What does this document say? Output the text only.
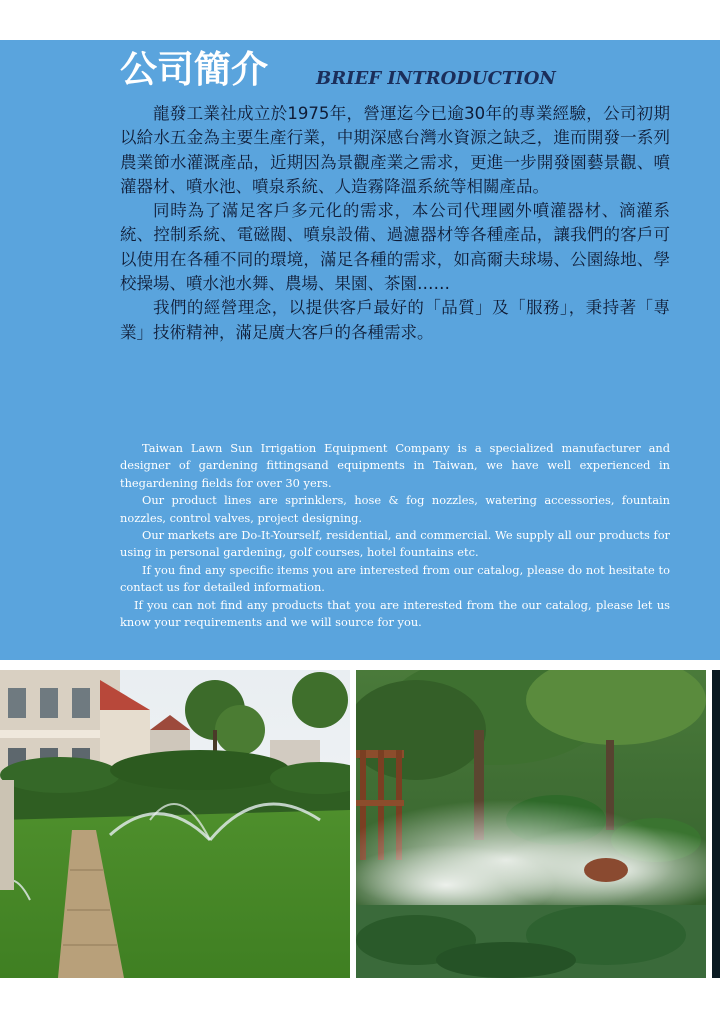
公司簡介	BRIEF INTRODUCTION

龍發工業社成立於1975年，營運迄今已逾30年的專業經驗，公司初期以給水五金為主要生產行業，中期深感台灣水資源之缺乏，進而開發一系列農業節水灌溉產品，近期因為景觀產業之需求，更進一步開發園藝景觀、噴灌器材、噴水池、噴泉系統、人造霧降溫系統等相關產品。

同時為了滿足客戶多元化的需求，本公司代理國外噴灌器材、滴灌系統、控制系統、電磁閥、噴泉設備、過濾器材等各種產品，讓我們的客戶可以使用在各種不同的環境，滿足各種的需求，如高爾夫球場、公園綠地、學校操場、噴水池水舞、農場、果園、茶園……

我們的經營理念，以提供客戶最好的「品質」及「服務」，秉持著「專業」技術精神，滿足廣大客戶的各種需求。

Taiwan Lawn Sun Irrigation Equipment Company is a specialized manufacturer and designer of gardening fittingsand equipments in Taiwan, we have well experienced in thegardening fields for over 30 yers.

Our product lines are sprinklers, hose & fog nozzles, watering accessories, fountain nozzles, control valves, project designing.

Our markets are Do-It-Yourself, residential, and commercial. We supply all our products for using in personal gardening, golf courses, hotel fountains etc.

If you find any specific items you are interested from our catalog, please do not hesitate to contact us for detailed information.

If you can not find any products that you are interested from the our catalog, please let us know your requirements and we will source for you.
